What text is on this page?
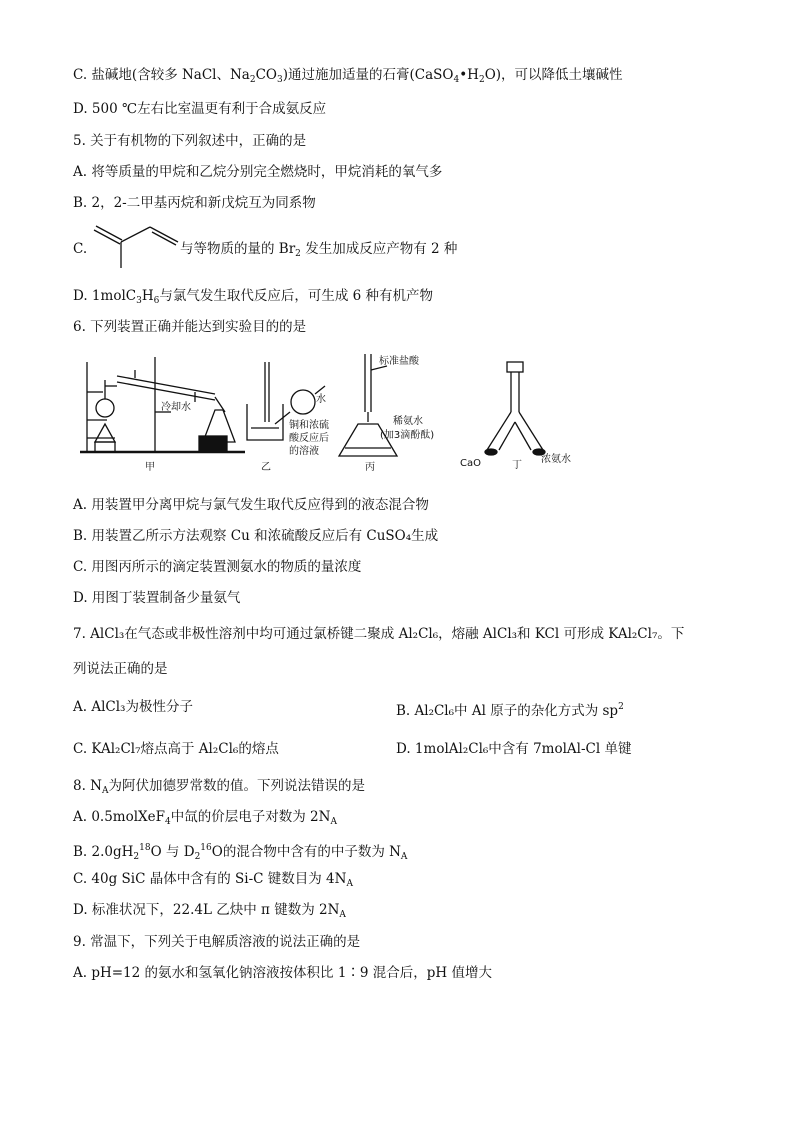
C. 盐碱地(含较多 NaCl、$Na_2CO_3$)通过施加适量的石膏$(CaSO_4•H_2O)$，可以降低土壤碱性
D. 500 ℃左右比室温更有利于合成氨反应
5. 关于有机物的下列叙述中，正确的是
A. 将等质量的甲烷和乙烷分别完全燃烧时，甲烷消耗的氧气多
B. 2，2-二甲基丙烷和新戊烷互为同系物
C.	与等物质的量的 $Br_2$ 发生加成反应产物有 2 种
D. $1molC_3H_6$与氯气发生取代反应后，可生成 6 种有机产物
6. 下列装置正确并能达到实验目的的是
冷却水
甲
水
铜和浓硫
酸反应后
的溶液
乙
标准盐酸
稀氨水
(加3滴酚酞)
丙	CaO	丁
浓氨水
A. 用装置甲分离甲烷与氯气发生取代反应得到的液态混合物
B. 用装置乙所示方法观察 Cu 和浓硫酸反应后有 CuSO₄生成
C. 用图丙所示的滴定装置测氨水的物质的量浓度
D. 用图丁装置制备少量氨气
7. AlCl₃在气态或非极性溶剂中均可通过氯桥键二聚成 Al₂Cl₆，熔融 AlCl₃和 KCl 可形成 KAl₂Cl₇。下
列说法正确的是
A. AlCl₃为极性分子	B. Al₂Cl₆中 Al 原子的杂化方式为 $sp^2$
C. KAl₂Cl₇熔点高于 Al₂Cl₆的熔点	D. 1molAl₂Cl₆中含有 7molAl-Cl 单键
8. $N_A$为阿伏加德罗常数的值。下列说法错误的是
A. 0.5molXeF$_4$中氙的价层电子对数为 $2N_A$
B. $2.0gH_2^{18}O$ 与 $D_2^{16}O$的混合物中含有的中子数为 $N_A$
C. 40g SiC 晶体中含有的 Si-C 键数目为 $4N_A$
D. 标准状况下，22.4L 乙炔中 π 键数为 $2N_A$
9. 常温下，下列关于电解质溶液的说法正确的是
A. pH=12 的氨水和氢氧化钠溶液按体积比 1∶9 混合后，pH 值增大
